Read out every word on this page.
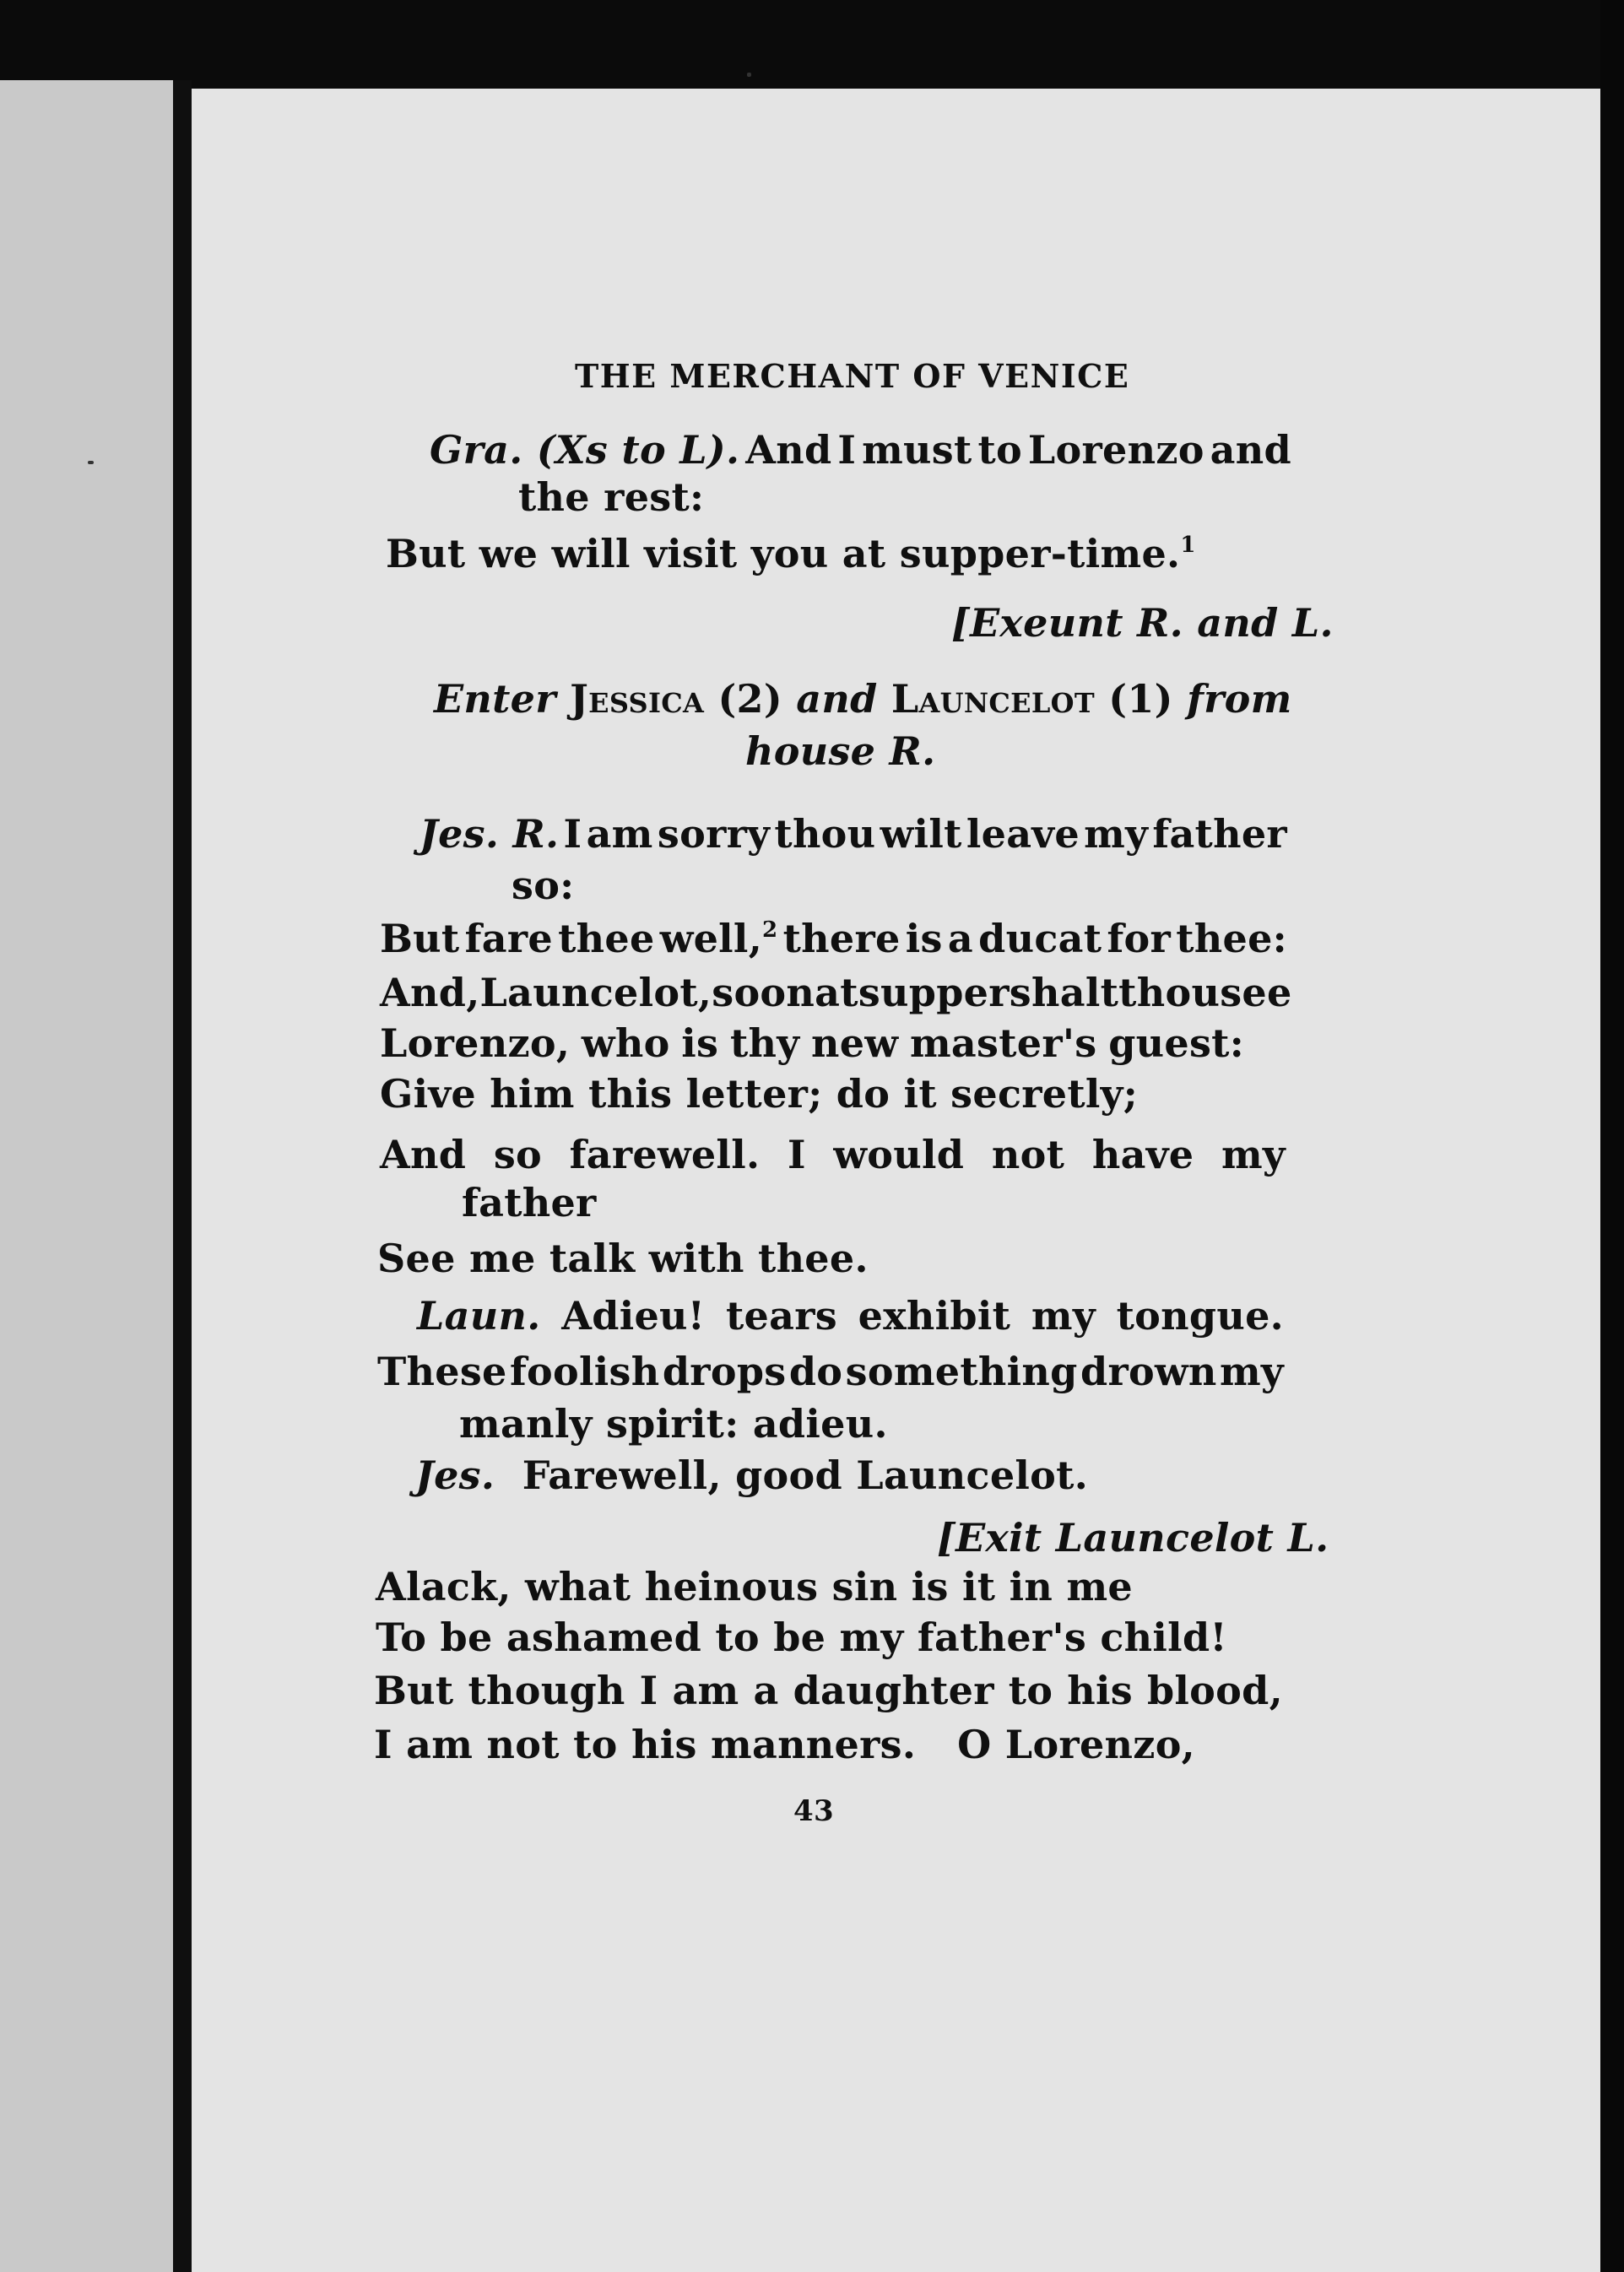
THE MERCHANT OF VENICE
Gra. (Xs to L). And I must to Lorenzo and
the rest:
But we will visit you at supper-time.$^1$
[Exeunt R. and L.
Enter Jessica (2) and Launcelot (1) from
house R.
Jes. R. I am sorry thou wilt leave my father
so:
But fare thee well,$^2$ there is a ducat for thee:
And, Launcelot, soon at supper shalt thou see
Lorenzo, who is thy new master's guest:
Give him this letter; do it secretly;
And so farewell. I would not have my
father
See me talk with thee.
Laun. Adieu! tears exhibit my tongue.
These foolish drops do something drown my
manly spirit: adieu.
Jes. Farewell, good Launcelot.
[Exit Launcelot L.
Alack, what heinous sin is it in me
To be ashamed to be my father's child!
But though I am a daughter to his blood,
I am not to his manners.   O Lorenzo,
43
